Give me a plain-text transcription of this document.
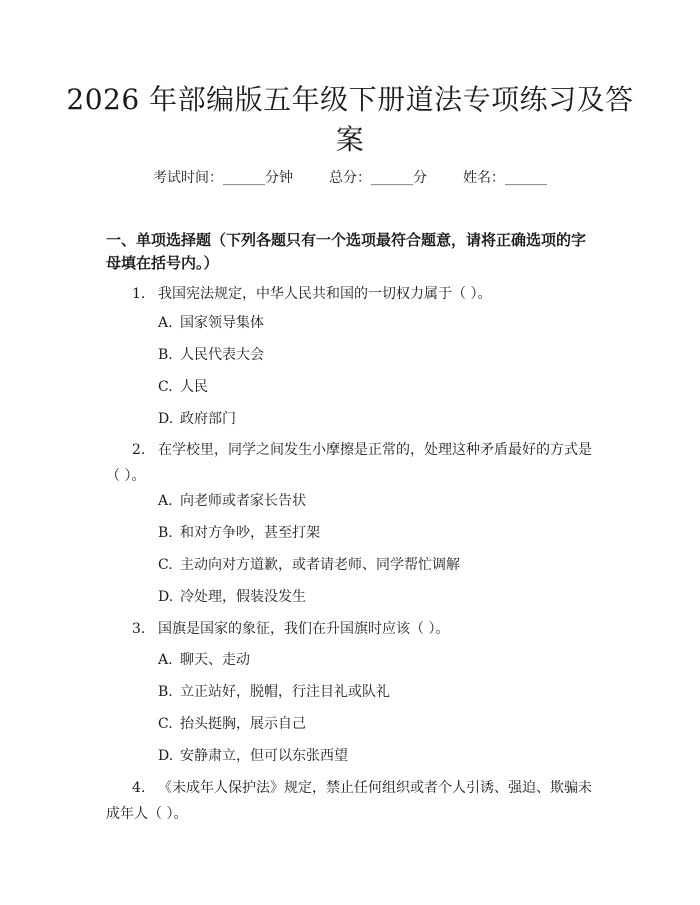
2026 年部编版五年级下册道法专项练习及答案
考试时间：______分钟	总分：______分	姓名：______
一、单项选择题（下列各题只有一个选项最符合题意，请将正确选项的字母填在括号内。）
1. 我国宪法规定，中华人民共和国的一切权力属于（ ）。
A. 国家领导集体
B. 人民代表大会
C. 人民
D. 政府部门
2. 在学校里，同学之间发生小摩擦是正常的，处理这种矛盾最好的方式是（ ）。
A. 向老师或者家长告状
B. 和对方争吵，甚至打架
C. 主动向对方道歉，或者请老师、同学帮忙调解
D. 冷处理，假装没发生
3. 国旗是国家的象征，我们在升国旗时应该（ ）。
A. 聊天、走动
B. 立正站好，脱帽，行注目礼或队礼
C. 抬头挺胸，展示自己
D. 安静肃立，但可以东张西望
4. 《未成年人保护法》规定，禁止任何组织或者个人引诱、强迫、欺骗未成年人（ ）。
